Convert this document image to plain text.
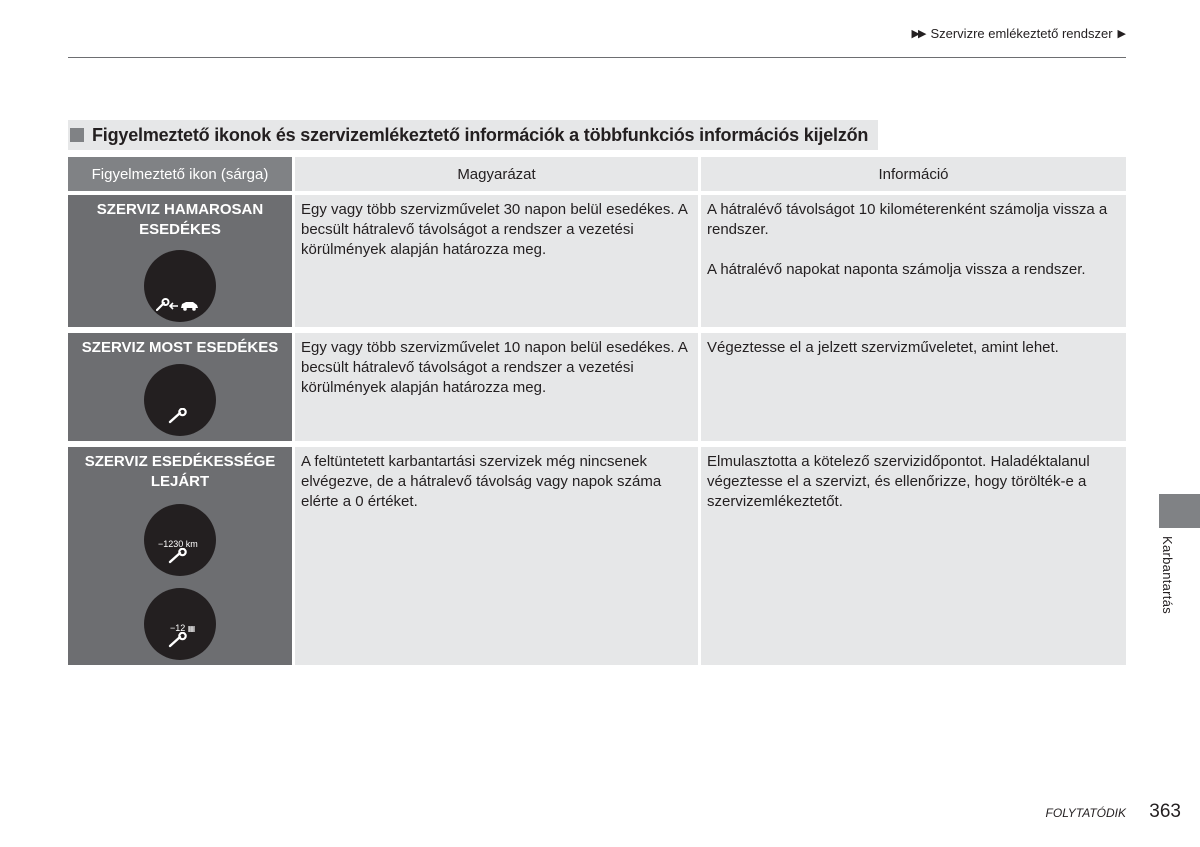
▶▶ Szervizre emlékeztető rendszer ▶
Figyelmeztető ikonok és szervizemlékeztető információk a többfunkciós információs kijelzőn
Figyelmeztető ikon (sárga)	Magyarázat	Információ

SZERVIZ HAMAROSAN ESEDÉKES	Egy vagy több szervizművelet 30 napon belül esedékes. A becsült hátralevő távolságot a rendszer a vezetési körülmények alapján határozza meg.	A hátralévő távolságot 10 kilométerenként számolja vissza a rendszer.
A hátralévő napokat naponta számolja vissza a rendszer.

SZERVIZ MOST ESEDÉKES	Egy vagy több szervizművelet 10 napon belül esedékes. A becsült hátralevő távolságot a rendszer a vezetési körülmények alapján határozza meg.	Végeztesse el a jelzett szervizműveletet, amint lehet.

SZERVIZ ESEDÉKESSÉGE LEJÁRT
−1230 km
−12 ▦	A feltüntetett karbantartási szervizek még nincsenek elvégezve, de a hátralevő távolság vagy napok száma elérte a 0 értéket.	Elmulasztotta a kötelező szervizidőpontot. Haladéktalanul végeztesse el a szervizt, és ellenőrizze, hogy törölték-e a szervizemlékeztetőt.
Karbantartás
FOLYTATÓDIK 363
